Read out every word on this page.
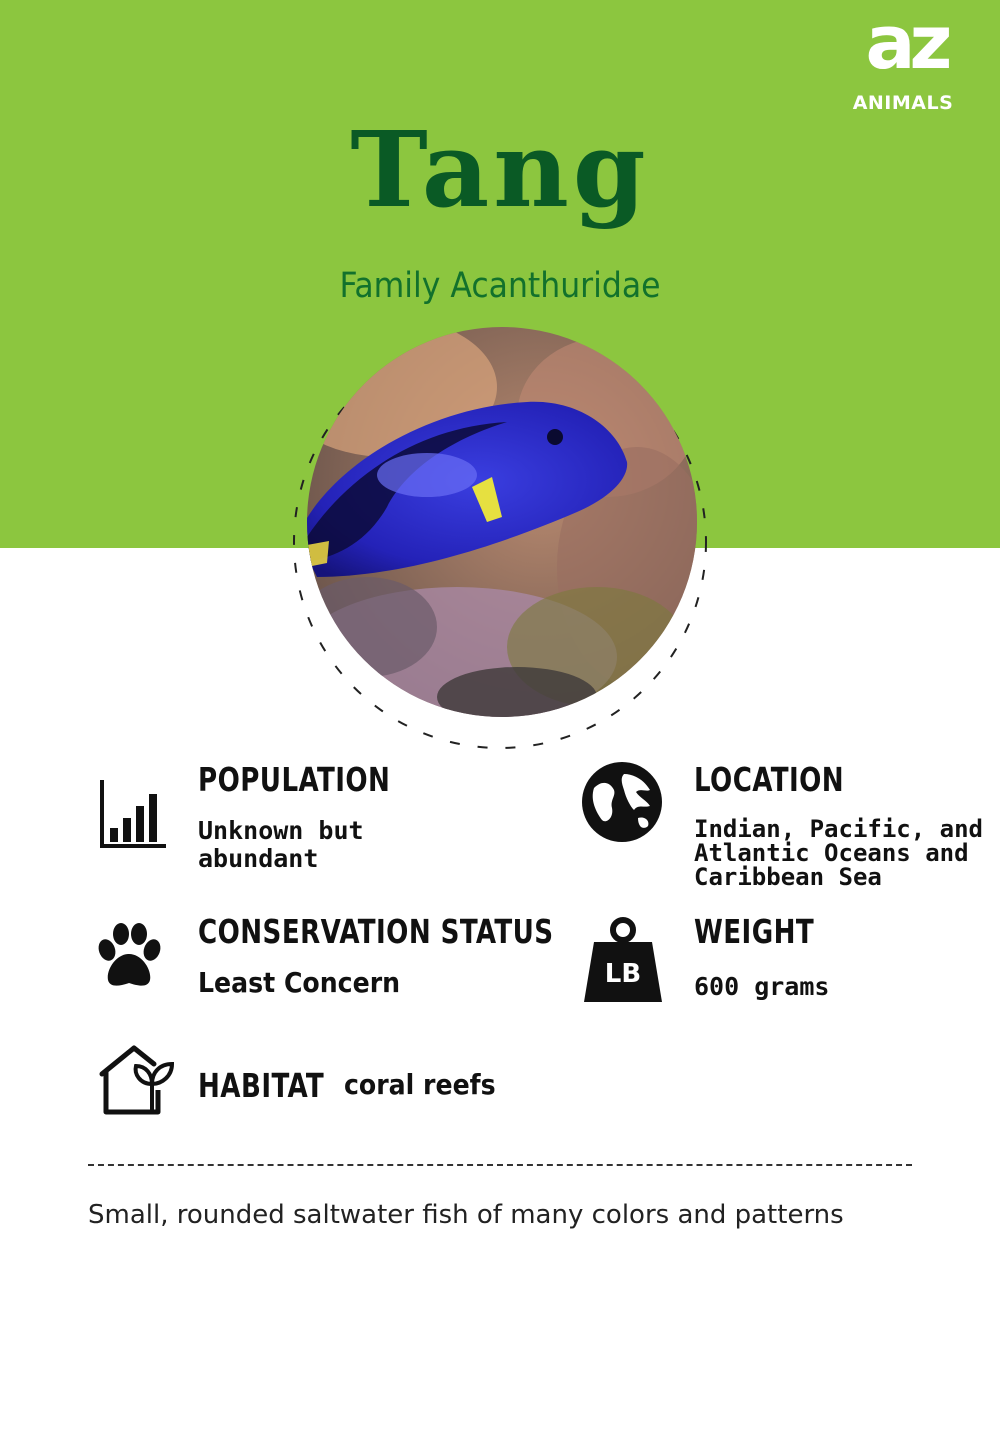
az
ANIMALS
Tang
Family Acanthuridae
POPULATION
Unknown but
abundant
LOCATION
Indian, Pacific, and
Atlantic Oceans and
Caribbean Sea
CONSERVATION STATUS
Least Concern	LB
WEIGHT
600 grams
HABITAT coral reefs
Small, rounded saltwater fish of many colors and patterns
